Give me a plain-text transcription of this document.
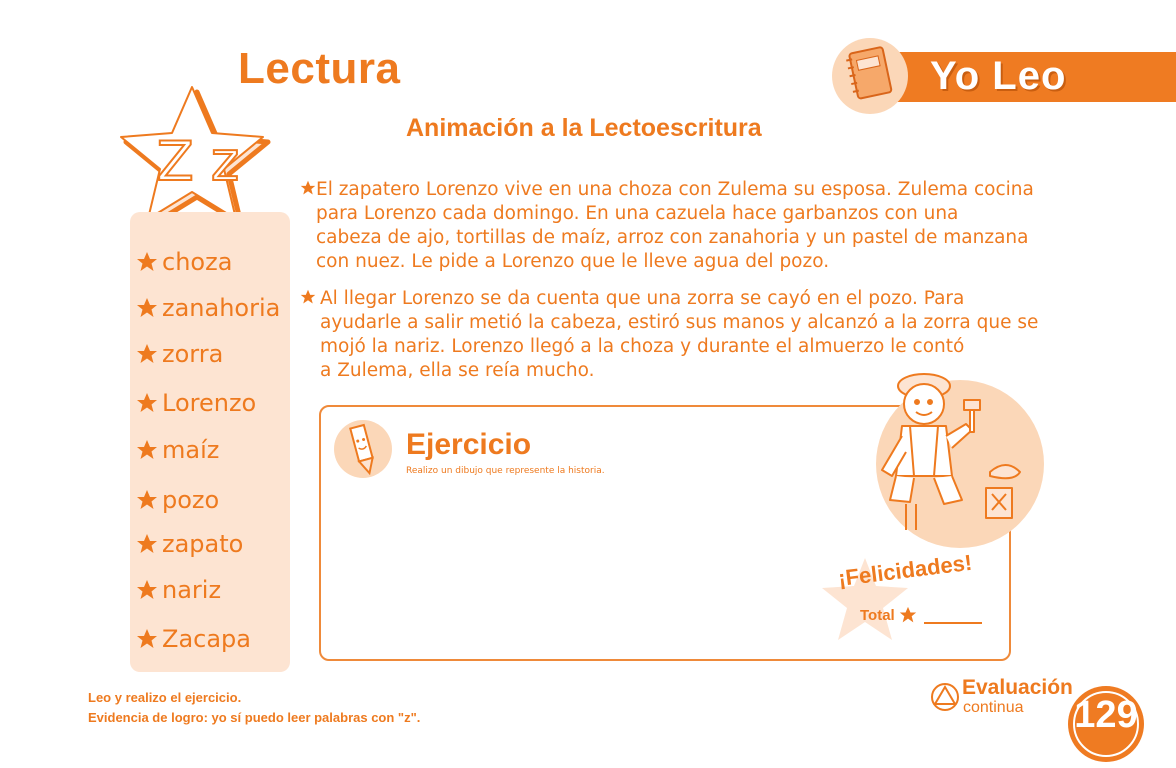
Lectura
Animación a la Lectoescritura
Yo Leo
Z z
choza
zanahoria
zorra
Lorenzo
maíz
pozo
zapato
nariz
Zacapa
El zapatero Lorenzo vive en una choza con Zulema su esposa. Zulema cocina
para Lorenzo cada domingo. En una cazuela hace garbanzos con una
cabeza de ajo, tortillas de maíz, arroz con zanahoria y un pastel de manzana
con nuez. Le pide a Lorenzo que le lleve agua del pozo.
Al llegar Lorenzo se da cuenta que una zorra se cayó en el pozo. Para
ayudarle a salir metió la cabeza, estiró sus manos y alcanzó a la zorra que se
mojó la nariz. Lorenzo llegó a la choza y durante el almuerzo le contó
a Zulema, ella se reía mucho.
Ejercicio
Realizo un dibujo que represente la historia.
¡Felicidades!
Total
Leo y realizo el ejercicio.
Evidencia de logro: yo sí puedo leer palabras con "z".
Evaluación
continua 129
